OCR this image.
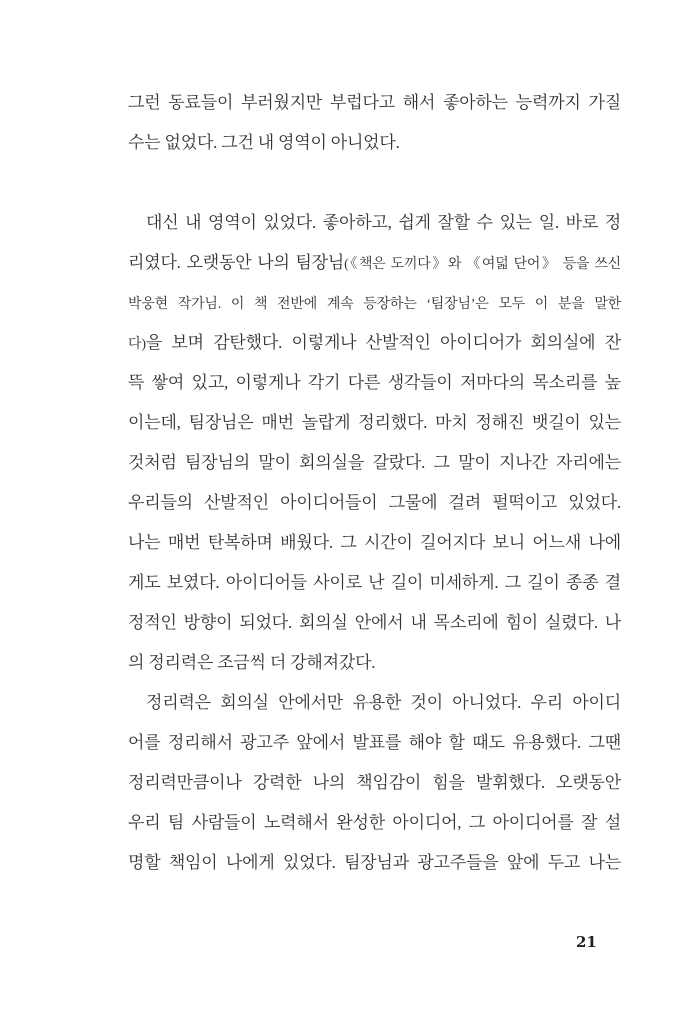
그런 동료들이 부러웠지만 부럽다고 해서 좋아하는 능력까지 가질
수는 없었다. 그건 내 영역이 아니었다.
대신 내 영역이 있었다. 좋아하고, 쉽게 잘할 수 있는 일. 바로 정
리였다. 오랫동안 나의 팀장님(《책은 도끼다》와 《여덟 단어》 등을 쓰신
박웅현 작가님. 이 책 전반에 계속 등장하는 ‘팀장님’은 모두 이 분을 말한
다)을 보며 감탄했다. 이렇게나 산발적인 아이디어가 회의실에 잔
뜩 쌓여 있고, 이렇게나 각기 다른 생각들이 저마다의 목소리를 높
이는데, 팀장님은 매번 놀랍게 정리했다. 마치 정해진 뱃길이 있는
것처럼 팀장님의 말이 회의실을 갈랐다. 그 말이 지나간 자리에는
우리들의 산발적인 아이디어들이 그물에 걸려 펄떡이고 있었다.
나는 매번 탄복하며 배웠다. 그 시간이 길어지다 보니 어느새 나에
게도 보였다. 아이디어들 사이로 난 길이 미세하게. 그 길이 종종 결
정적인 방향이 되었다. 회의실 안에서 내 목소리에 힘이 실렸다. 나
의 정리력은 조금씩 더 강해져갔다.
정리력은 회의실 안에서만 유용한 것이 아니었다. 우리 아이디
어를 정리해서 광고주 앞에서 발표를 해야 할 때도 유용했다. 그땐
정리력만큼이나 강력한 나의 책임감이 힘을 발휘했다. 오랫동안
우리 팀 사람들이 노력해서 완성한 아이디어, 그 아이디어를 잘 설
명할 책임이 나에게 있었다. 팀장님과 광고주들을 앞에 두고 나는
21
